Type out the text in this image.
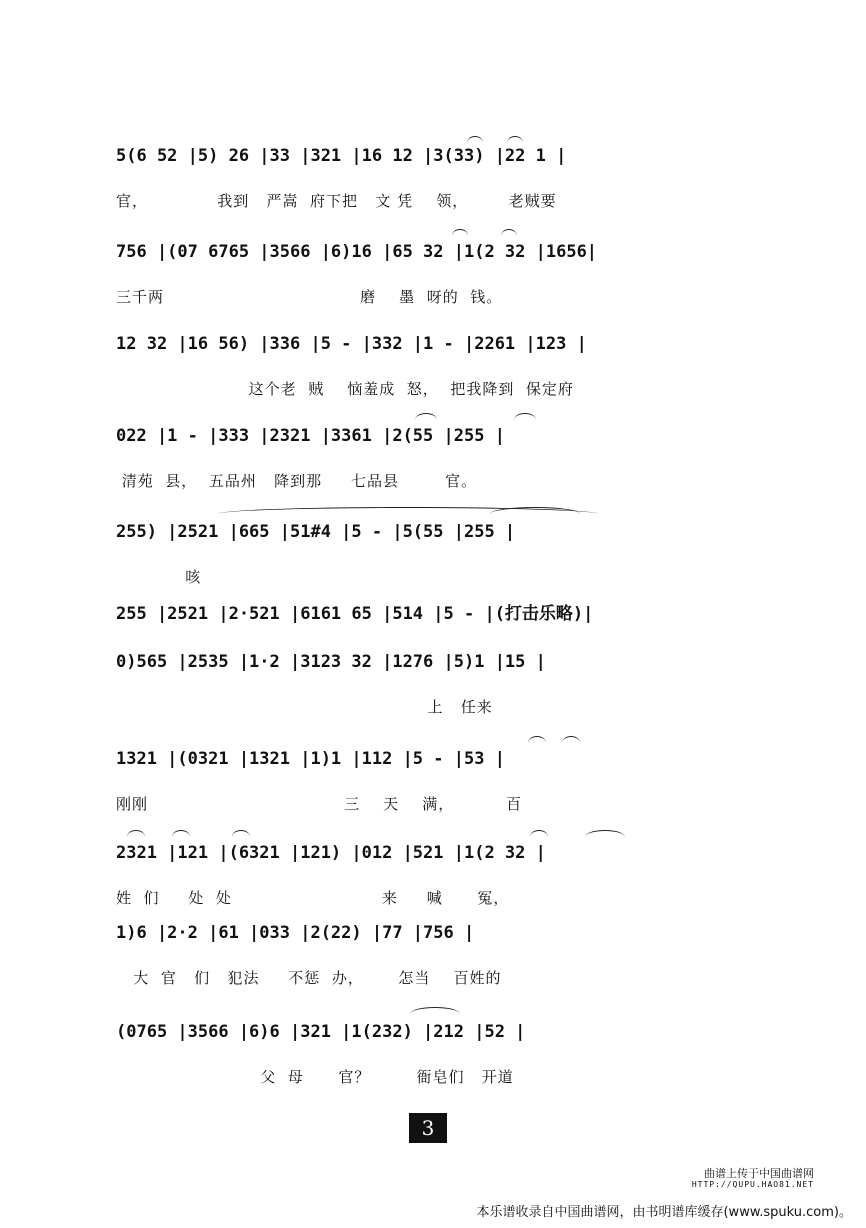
5(6 52 |5) 26 |33 |321 |16 12 |3(33) |22 1 |
官，            我到   严嵩  府下把   文 凭    领，       老贼要
756 |(07 6765 |3566 |6)16 |65 32 |1(2 32 |1656|
三千两                                  磨    墨  呀的  钱。
12 32 |16 56) |336 |5 - |332 |1 - |2261 |123 |
这个老  贼    恼羞成  怒，  把我降到  保定府
022 |1 - |333 |2321 |3361 |2(55 |255 |
清苑  县，  五品州   降到那     七品县        官。
255) |2521 |665 |51#4 |5 - |5(55 |255 |
咳
255 |2521 |2·521 |6161 65 |514 |5 - |(打击乐略)|
0)565 |2535 |1·2 |3123 32 |1276 |5)1 |15 |
上   任来
1321 |(0321 |1321 |1)1 |112 |5 - |53 |
刚刚                                  三    天    满，         百
2321 |121 |(6321 |121) |012 |521 |1(2 32 |
姓  们     处  处                          来     喊      冤，
1)6 |2·2 |61 |033 |2(22) |77 |756 |
大  官   们   犯法     不惩  办，      怎当    百姓的
(0765 |3566 |6)6 |321 |1(232) |212 |52 |
父  母      官？        衙皂们   开道
3
曲谱上传于中国曲谱网
HTTP://QUPU.HAO81.NET
本乐谱收录自中国曲谱网，由书明谱库缓存(www.spuku.com)。
